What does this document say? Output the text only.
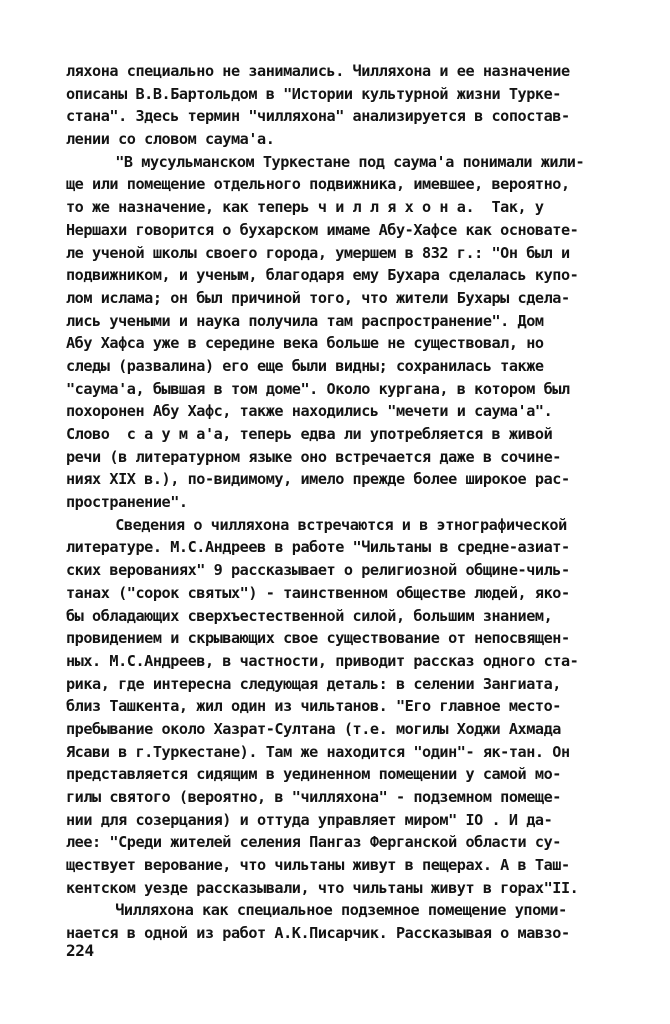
ляхона специально не занимались. Чилляхона и ее назначение
описаны В.В.Бартольдом в "Истории культурной жизни Турке-
стана". Здесь термин "чилляхона" анализируется в сопостав-
лении со словом саума'а.
"В мусульманском Туркестане под саума'а понимали жили-
ще или помещение отдельного подвижника, имевшее, вероятно,
то же назначение, как теперь ч и л л я х о н а.  Так, у
Нершахи говорится о бухарском имаме Абу-Хафсе как основате-
ле ученой школы своего города, умершем в 832 г.: "Он был и
подвижником, и ученым, благодаря ему Бухара сделалась купо-
лом ислама; он был причиной того, что жители Бухары сдела-
лись учеными и наука получила там распространение". Дом
Абу Хафса уже в середине века больше не существовал, но
следы (развалина) его еще были видны; сохранилась также
"саума'а, бывшая в том доме". Около кургана, в котором был
похоронен Абу Хафс, также находились "мечети и саума'а".
Слово  с а у м а'а, теперь едва ли употребляется в живой
речи (в литературном языке оно встречается даже в сочине-
ниях XIX в.), по-видимому, имело прежде более широкое рас-
пространение".
Сведения о чилляхона встречаются и в этнографической
литературе. М.С.Андреев в работе "Чильтаны в средне-азиат-
ских верованиях" 9 рассказывает о религиозной общине-чиль-
танах ("сорок святых") - таинственном обществе людей, яко-
бы обладающих сверхъестественной силой, большим знанием,
провидением и скрывающих свое существование от непосвящен-
ных. М.С.Андреев, в частности, приводит рассказ одного ста-
рика, где интересна следующая деталь: в селении Зангиата,
близ Ташкента, жил один из чильтанов. "Его главное место-
пребывание около Хазрат-Султана (т.е. могилы Ходжи Ахмада
Ясави в г.Туркестане). Там же находится "один"- як-тан. Он
представляется сидящим в уединенном помещении у самой мо-
гилы святого (вероятно, в "чилляхона" - подземном помеще-
нии для созерцания) и оттуда управляет миром" IO . И да-
лее: "Среди жителей селения Пангаз Ферганской области су-
ществует верование, что чильтаны живут в пещерах. А в Таш-
кентском уезде рассказывали, что чильтаны живут в горах"II.
Чилляхона как специальное подземное помещение упоми-
нается в одной из работ А.К.Писарчик. Рассказывая о мавзо-
224
